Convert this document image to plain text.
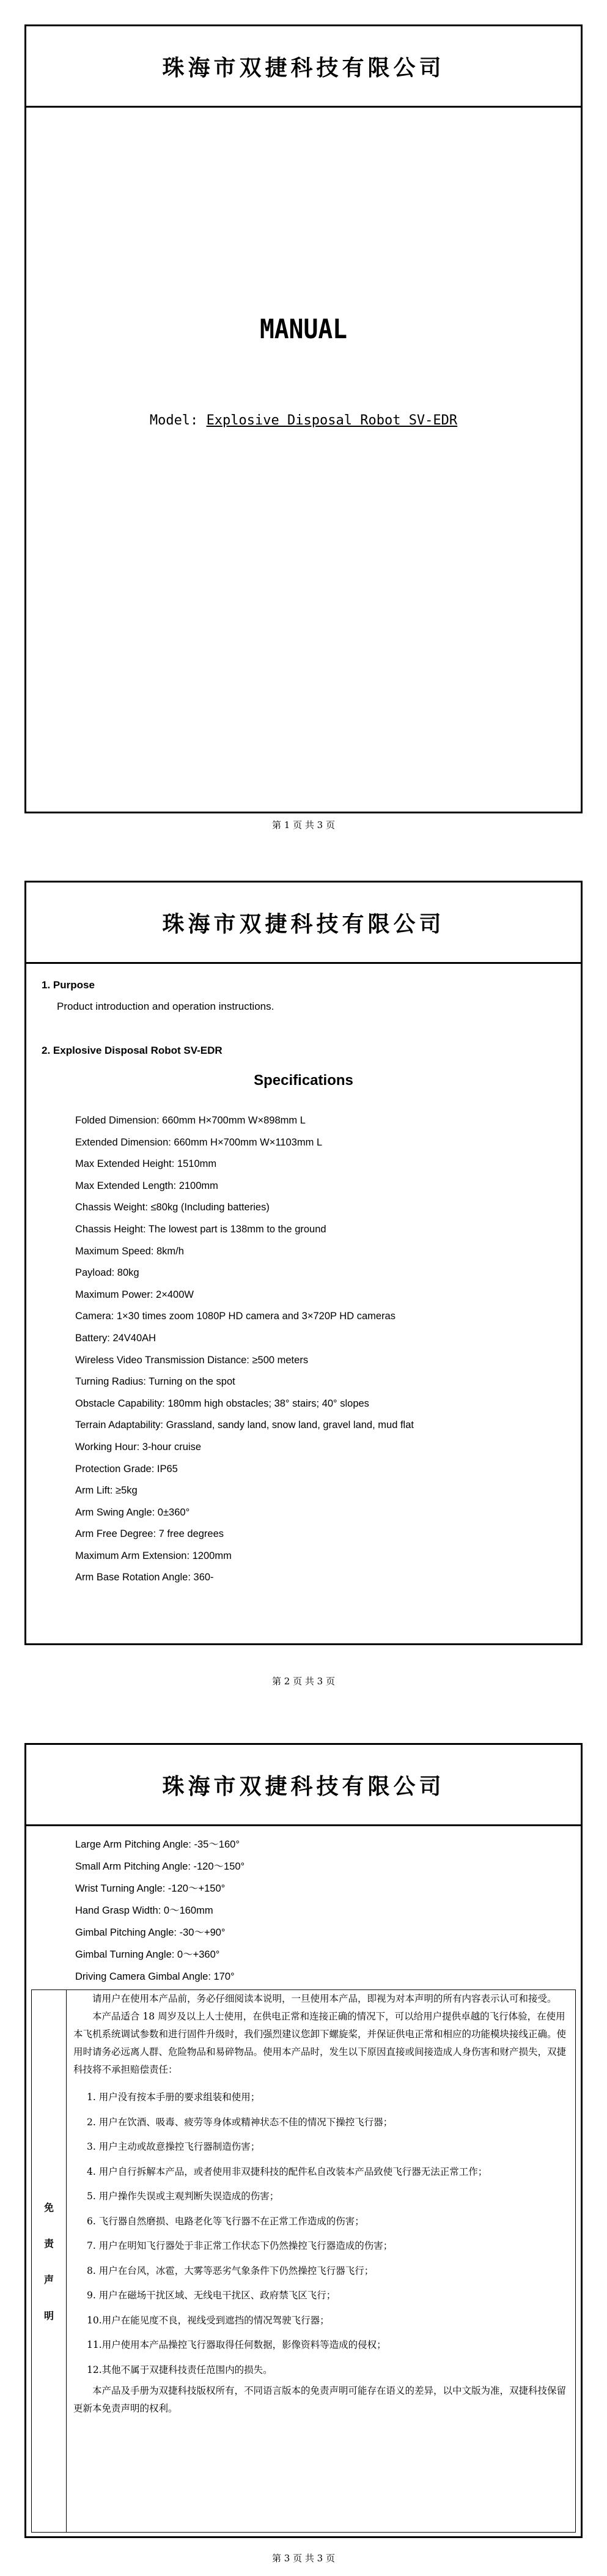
珠海市双捷科技有限公司
MANUAL
Model: Explosive Disposal Robot SV-EDR
第 1 页 共 3 页
珠海市双捷科技有限公司
1. Purpose
Product introduction and operation instructions.
2. Explosive Disposal Robot SV-EDR
Specifications
Folded Dimension: 660mm H×700mm W×898mm L
Extended Dimension: 660mm H×700mm W×1103mm L
Max Extended Height: 1510mm
Max Extended Length: 2100mm
Chassis Weight: ≤80kg (Including batteries)
Chassis Height: The lowest part is 138mm to the ground
Maximum Speed: 8km/h
Payload: 80kg
Maximum Power: 2×400W
Camera: 1×30 times zoom 1080P HD camera and 3×720P HD cameras
Battery: 24V40AH
Wireless Video Transmission Distance: ≥500 meters
Turning Radius: Turning on the spot
Obstacle Capability: 180mm high obstacles; 38° stairs; 40° slopes
Terrain Adaptability: Grassland, sandy land, snow land, gravel land, mud flat
Working Hour: 3-hour cruise
Protection Grade: IP65
Arm Lift: ≥5kg
Arm Swing Angle: 0±360°
Arm Free Degree: 7 free degrees
Maximum Arm Extension: 1200mm
Arm Base Rotation Angle: 360-
第 2 页 共 3 页
珠海市双捷科技有限公司
Large Arm Pitching Angle: -35～160°
Small Arm Pitching Angle: -120～150°
Wrist Turning Angle: -120～+150°
Hand Grasp Width: 0～160mm
Gimbal Pitching Angle: -30～+90°
Gimbal Turning Angle: 0～+360°
Driving Camera Gimbal Angle: 170°
免
责
声
明

请用户在使用本产品前，务必仔细阅读本说明，一旦使用本产品，即视为对本声明的所有内容表示认可和接受。

本产品适合 18 周岁及以上人士使用，在供电正常和连接正确的情况下，可以给用户提供卓越的飞行体验，在使用本飞机系统调试参数和进行固件升级时，我们强烈建议您卸下螺旋桨，并保证供电正常和相应的功能模块接线正确。使用时请务必远离人群、危险物品和易碎物品。使用本产品时，发生以下原因直接或间接造成人身伤害和财产损失，双捷科技将不承担赔偿责任：

1. 用户没有按本手册的要求组装和使用；
2. 用户在饮酒、吸毒、疲劳等身体或精神状态不佳的情况下操控飞行器；
3. 用户主动或故意操控飞行器制造伤害；
4. 用户自行拆解本产品，或者使用非双捷科技的配件私自改装本产品致使飞行器无法正常工作；
5. 用户操作失误或主观判断失误造成的伤害；
6. 飞行器自然磨损、电路老化等飞行器不在正常工作造成的伤害；
7. 用户在明知飞行器处于非正常工作状态下仍然操控飞行器造成的伤害；
8. 用户在台风，冰雹，大雾等恶劣气象条件下仍然操控飞行器飞行；
9. 用户在磁场干扰区域、无线电干扰区、政府禁飞区飞行；
10.用户在能见度不良，视线受到遮挡的情况驾驶飞行器；
11.用户使用本产品操控飞行器取得任何数据，影像资料等造成的侵权；
12.其他不属于双捷科技责任范围内的损失。

本产品及手册为双捷科技版权所有，不同语言版本的免责声明可能存在语义的差异，以中文版为准，双捷科技保留更新本免责声明的权利。

第 3 页 共 3 页
